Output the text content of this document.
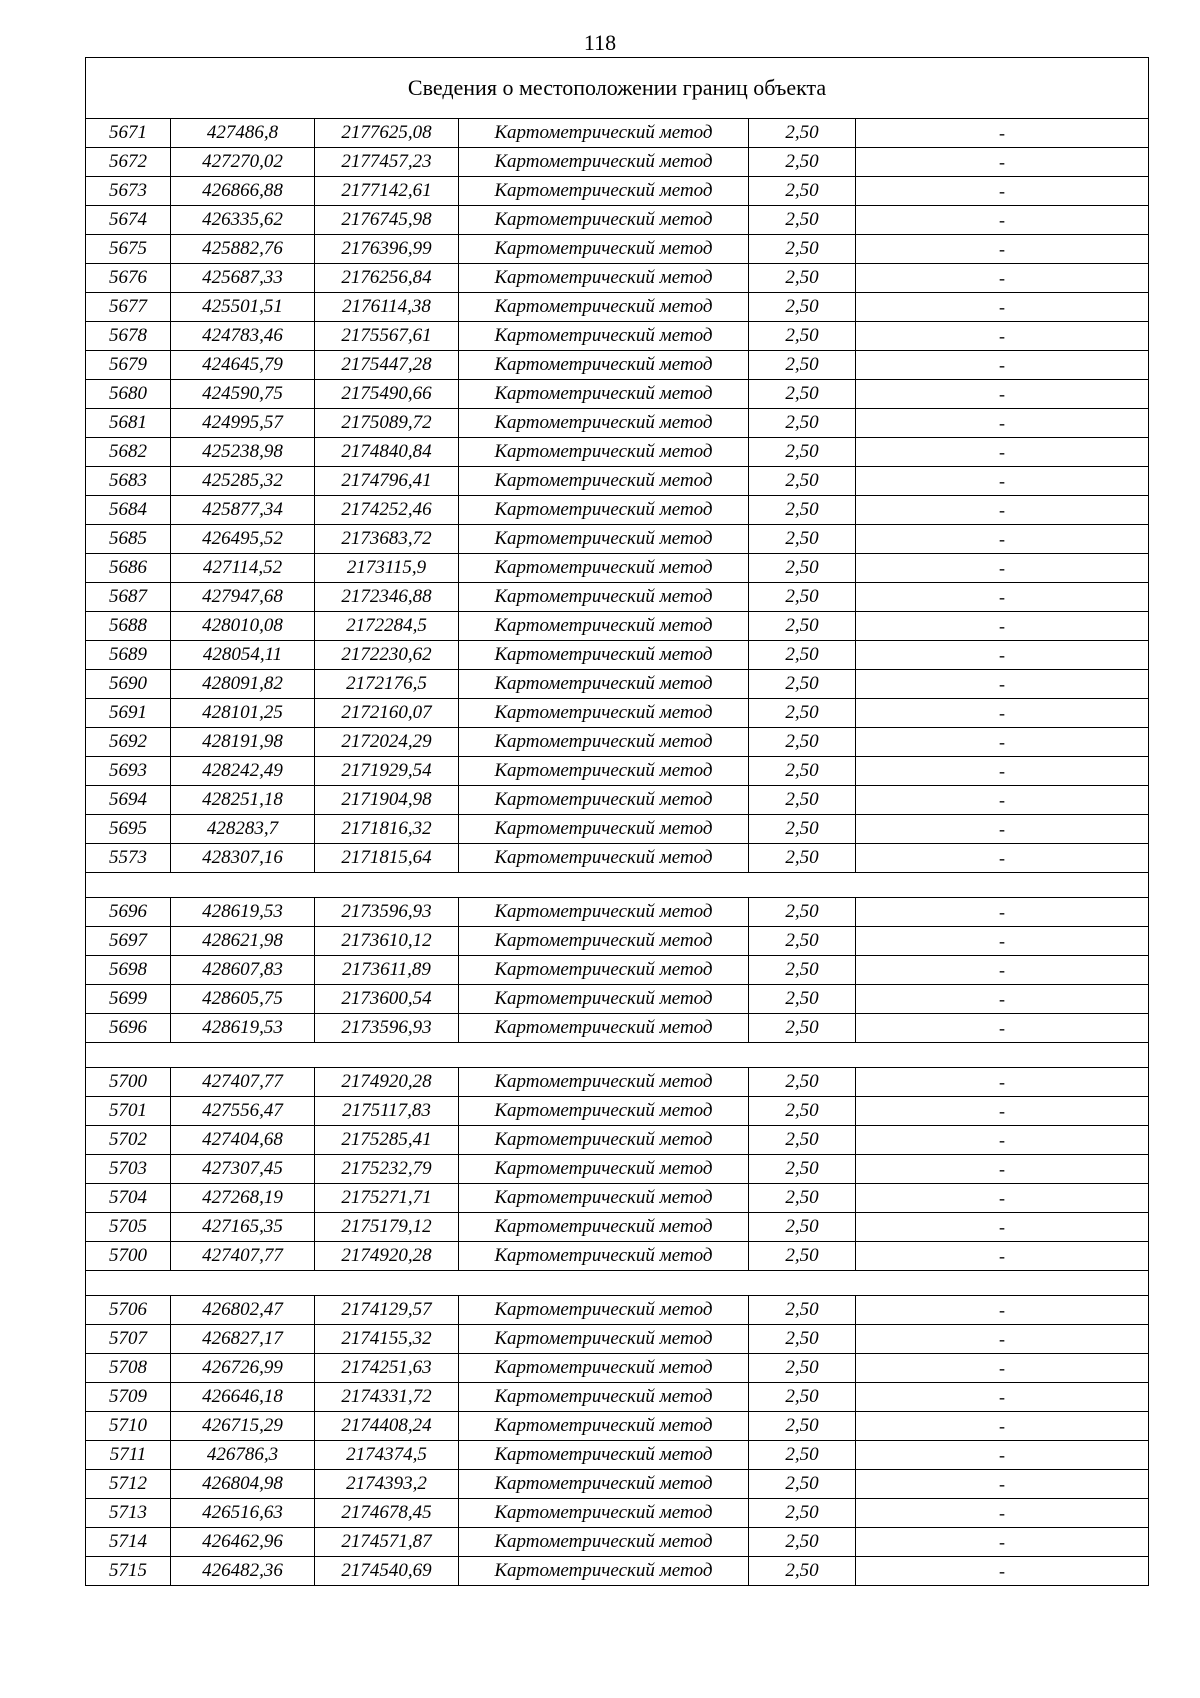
118
Сведения о местоположении границ объекта					
5671	427486,8	2177625,08	Картометрический метод	2,50	-
5672	427270,02	2177457,23	Картометрический метод	2,50	-
5673	426866,88	2177142,61	Картометрический метод	2,50	-
5674	426335,62	2176745,98	Картометрический метод	2,50	-
5675	425882,76	2176396,99	Картометрический метод	2,50	-
5676	425687,33	2176256,84	Картометрический метод	2,50	-
5677	425501,51	2176114,38	Картометрический метод	2,50	-
5678	424783,46	2175567,61	Картометрический метод	2,50	-
5679	424645,79	2175447,28	Картометрический метод	2,50	-
5680	424590,75	2175490,66	Картометрический метод	2,50	-
5681	424995,57	2175089,72	Картометрический метод	2,50	-
5682	425238,98	2174840,84	Картометрический метод	2,50	-
5683	425285,32	2174796,41	Картометрический метод	2,50	-
5684	425877,34	2174252,46	Картометрический метод	2,50	-
5685	426495,52	2173683,72	Картометрический метод	2,50	-
5686	427114,52	2173115,9	Картометрический метод	2,50	-
5687	427947,68	2172346,88	Картометрический метод	2,50	-
5688	428010,08	2172284,5	Картометрический метод	2,50	-
5689	428054,11	2172230,62	Картометрический метод	2,50	-
5690	428091,82	2172176,5	Картометрический метод	2,50	-
5691	428101,25	2172160,07	Картометрический метод	2,50	-
5692	428191,98	2172024,29	Картометрический метод	2,50	-
5693	428242,49	2171929,54	Картометрический метод	2,50	-
5694	428251,18	2171904,98	Картометрический метод	2,50	-
5695	428283,7	2171816,32	Картометрический метод	2,50	-
5573	428307,16	2171815,64	Картометрический метод	2,50	-

5696	428619,53	2173596,93	Картометрический метод	2,50	-
5697	428621,98	2173610,12	Картометрический метод	2,50	-
5698	428607,83	2173611,89	Картометрический метод	2,50	-
5699	428605,75	2173600,54	Картометрический метод	2,50	-
5696	428619,53	2173596,93	Картометрический метод	2,50	-

5700	427407,77	2174920,28	Картометрический метод	2,50	-
5701	427556,47	2175117,83	Картометрический метод	2,50	-
5702	427404,68	2175285,41	Картометрический метод	2,50	-
5703	427307,45	2175232,79	Картометрический метод	2,50	-
5704	427268,19	2175271,71	Картометрический метод	2,50	-
5705	427165,35	2175179,12	Картометрический метод	2,50	-
5700	427407,77	2174920,28	Картометрический метод	2,50	-

5706	426802,47	2174129,57	Картометрический метод	2,50	-
5707	426827,17	2174155,32	Картометрический метод	2,50	-
5708	426726,99	2174251,63	Картометрический метод	2,50	-
5709	426646,18	2174331,72	Картометрический метод	2,50	-
5710	426715,29	2174408,24	Картометрический метод	2,50	-
5711	426786,3	2174374,5	Картометрический метод	2,50	-
5712	426804,98	2174393,2	Картометрический метод	2,50	-
5713	426516,63	2174678,45	Картометрический метод	2,50	-
5714	426462,96	2174571,87	Картометрический метод	2,50	-
5715	426482,36	2174540,69	Картометрический метод	2,50	-
